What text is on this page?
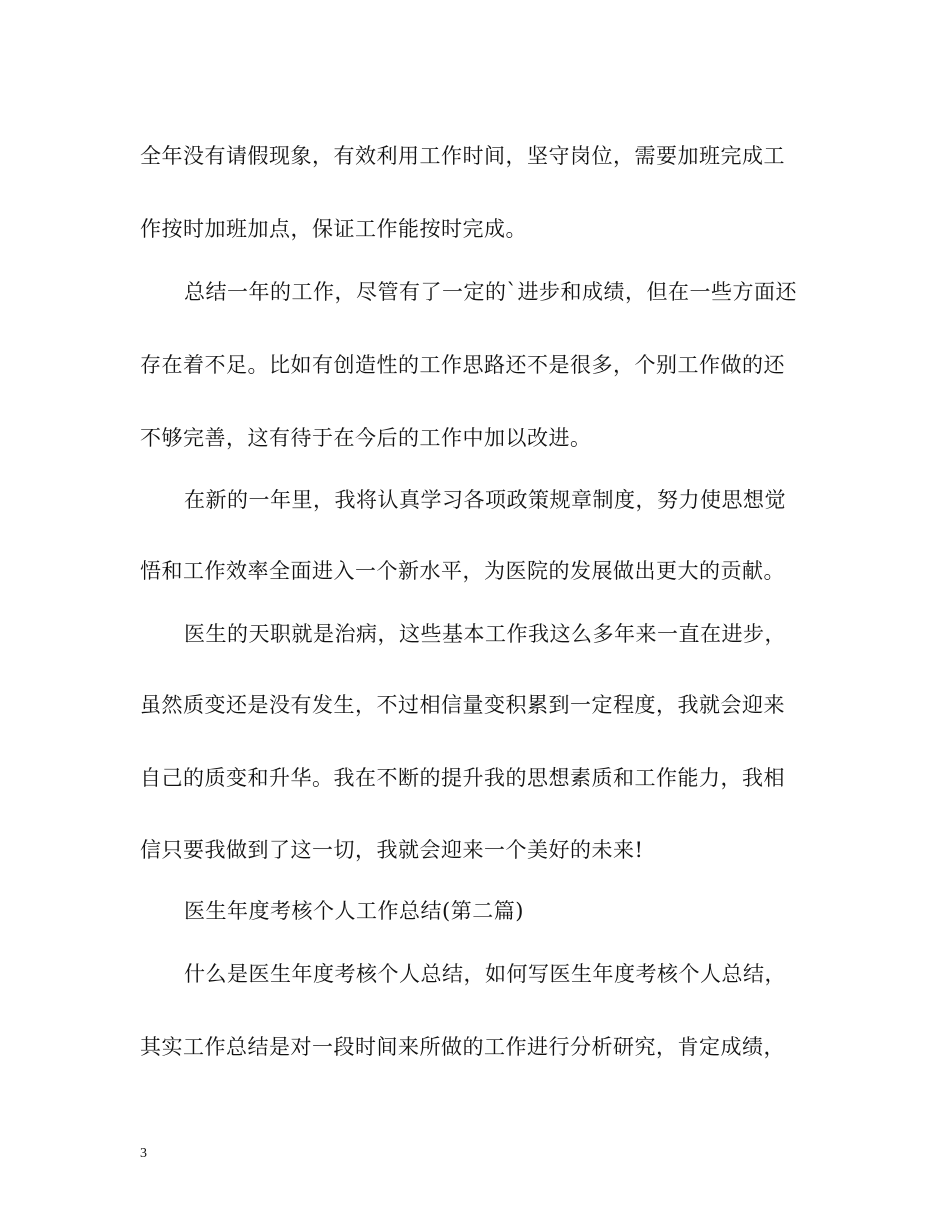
全年没有请假现象，有效利用工作时间，坚守岗位，需要加班完成工
作按时加班加点，保证工作能按时完成。
总结一年的工作，尽管有了一定的`进步和成绩，但在一些方面还
存在着不足。比如有创造性的工作思路还不是很多，个别工作做的还
不够完善，这有待于在今后的工作中加以改进。
在新的一年里，我将认真学习各项政策规章制度，努力使思想觉
悟和工作效率全面进入一个新水平，为医院的发展做出更大的贡献。
医生的天职就是治病，这些基本工作我这么多年来一直在进步，
虽然质变还是没有发生，不过相信量变积累到一定程度，我就会迎来
自己的质变和升华。我在不断的提升我的思想素质和工作能力，我相
信只要我做到了这一切，我就会迎来一个美好的未来!
医生年度考核个人工作总结(第二篇)
什么是医生年度考核个人总结，如何写医生年度考核个人总结，
其实工作总结是对一段时间来所做的工作进行分析研究，肯定成绩，
3
